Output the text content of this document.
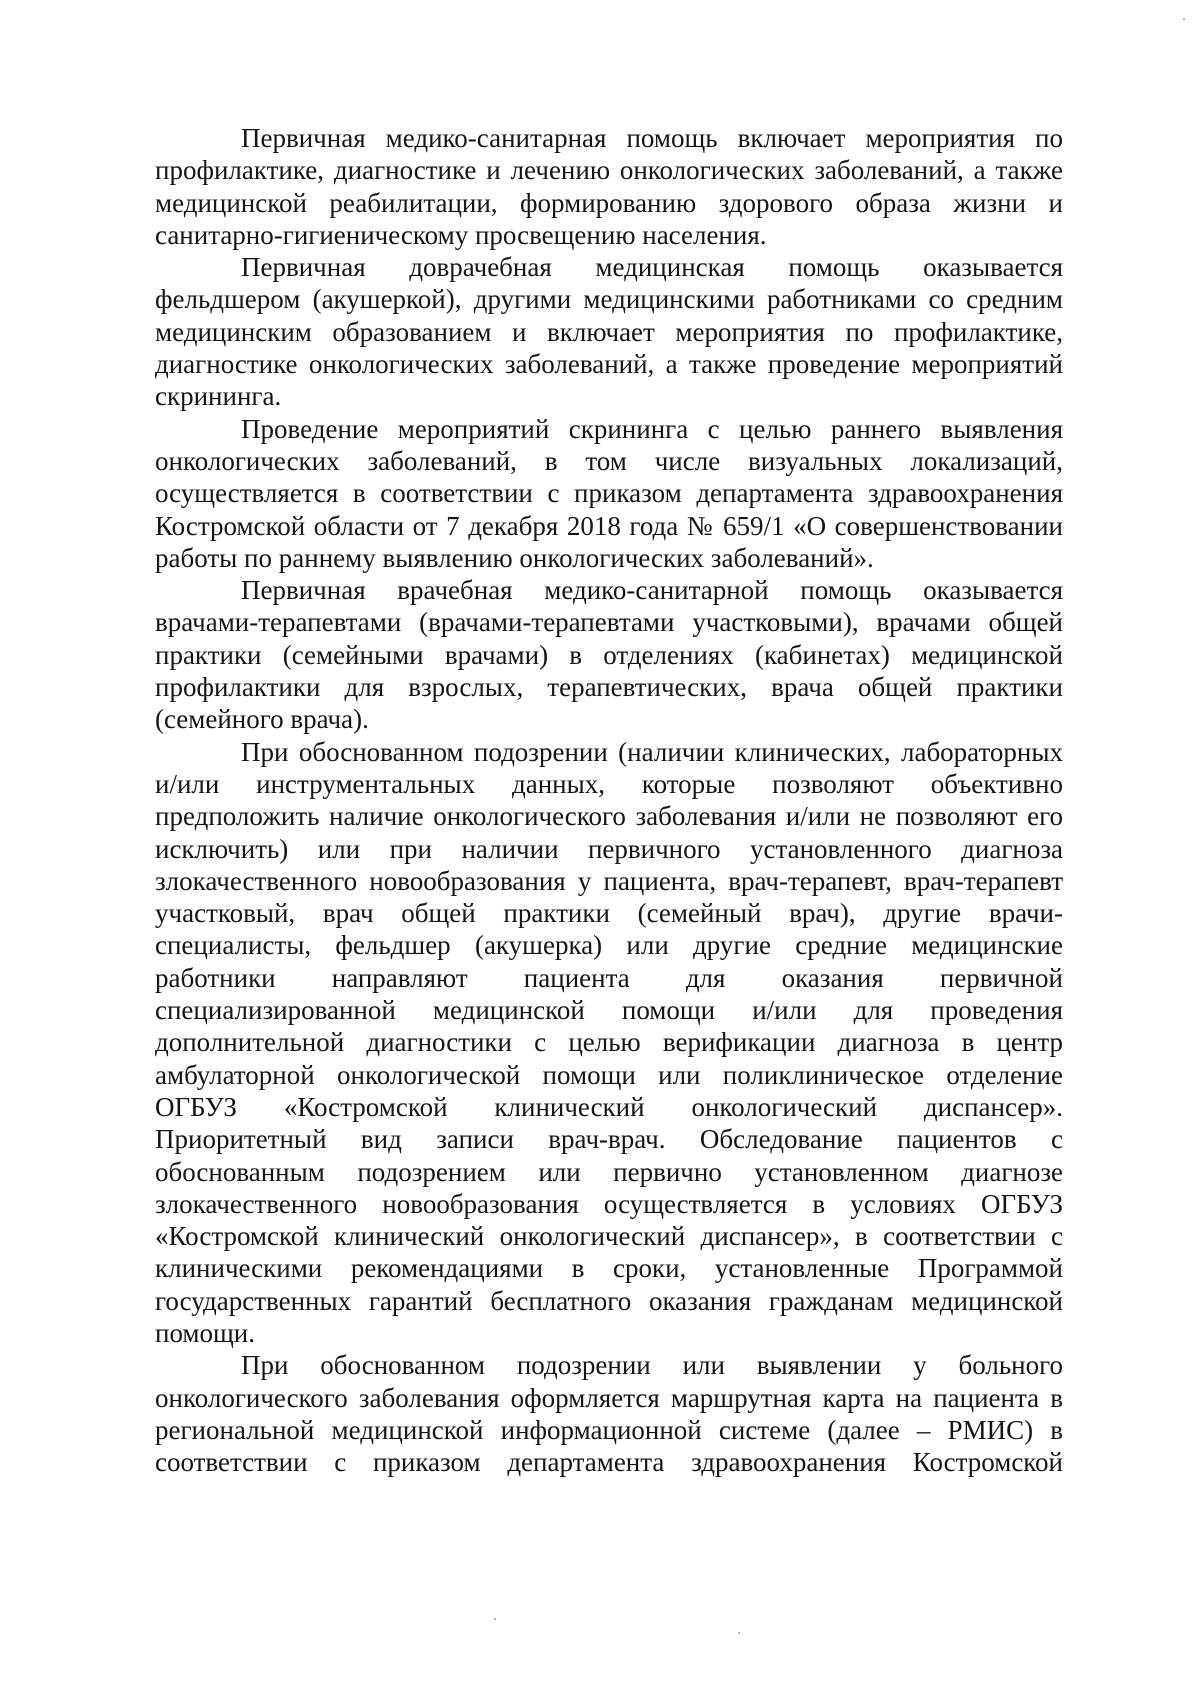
Первичная медико-санитарная помощь включает мероприятия по профилактике, диагностике и лечению онкологических заболеваний, а также медицинской реабилитации, формированию здорового образа жизни и санитарно-гигиеническому просвещению населения.

Первичная доврачебная медицинская помощь оказывается фельдшером (акушеркой), другими медицинскими работниками со средним медицинским образованием и включает мероприятия по профилактике, диагностике онкологических заболеваний, а также проведение мероприятий скрининга.

Проведение мероприятий скрининга с целью раннего выявления онкологических заболеваний, в том числе визуальных локализаций, осуществляется в соответствии с приказом департамента здравоохранения Костромской области от 7 декабря 2018 года № 659/1 «О совершенствовании работы по раннему выявлению онкологических заболеваний».

Первичная врачебная медико-санитарной помощь оказывается врачами-терапевтами (врачами-терапевтами участковыми), врачами общей практики (семейными врачами) в отделениях (кабинетах) медицинской профилактики для взрослых, терапевтических, врача общей практики (семейного врача).

При обоснованном подозрении (наличии клинических, лабораторных и/или инструментальных данных, которые позволяют объективно предположить наличие онкологического заболевания и/или не позволяют его исключить) или при наличии первичного установленного диагноза злокачественного новообразования у пациента, врач-терапевт, врач-терапевт участковый, врач общей практики (семейный врач), другие врачи-специалисты, фельдшер (акушерка) или другие средние медицинские работники направляют пациента для оказания первичной специализированной медицинской помощи и/или для проведения дополнительной диагностики с целью верификации диагноза в центр амбулаторной онкологической помощи или поликлиническое отделение ОГБУЗ «Костромской клинический онкологический диспансер». Приоритетный вид записи врач-врач. Обследование пациентов с обоснованным подозрением или первично установленном диагнозе злокачественного новообразования осуществляется в условиях ОГБУЗ «Костромской клинический онкологический диспансер», в соответствии с клиническими рекомендациями в сроки, установленные Программой государственных гарантий бесплатного оказания гражданам медицинской помощи.

При обоснованном подозрении или выявлении у больного онкологического заболевания оформляется маршрутная карта на пациента в региональной медицинской информационной системе (далее – РМИС) в соответствии с приказом департамента здравоохранения Костромской
